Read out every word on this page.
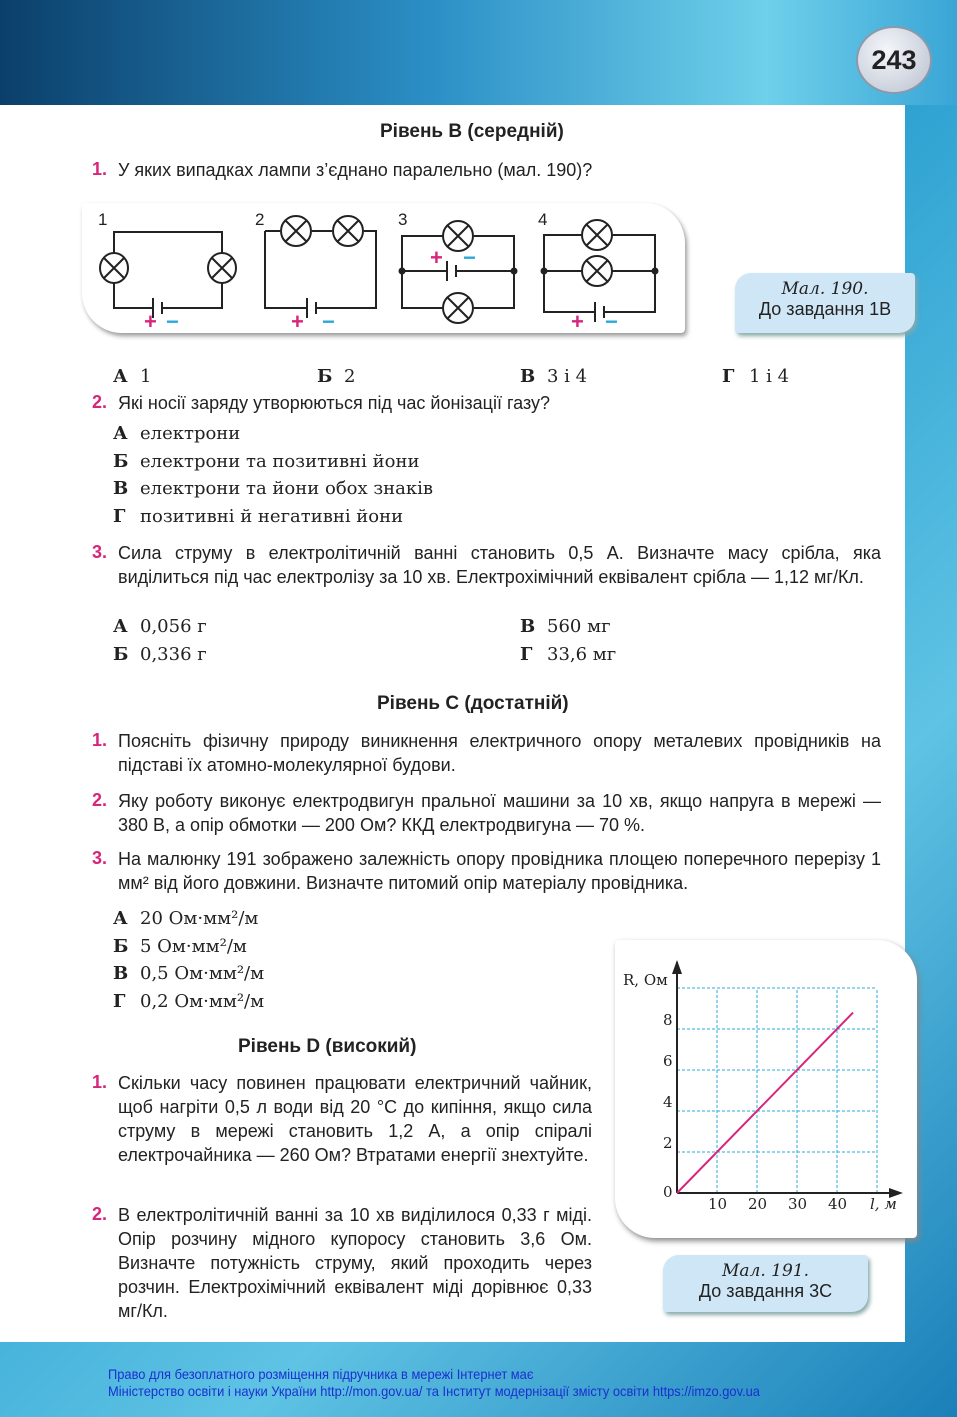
243
Рівень В (середній)
1. У яких випадках лампи з’єднано паралельно (мал. 190)?
1	2	3	4
+ −	+ −
+ −
+ −
Мал. 190.
До завдання 1В
А 1	Б 2	В 3 і 4	Г 1 і 4
2. Які носії заряду утворюються під час йонізації газу?
А електрони
Б електрони та позитивні йони
В електрони та йони обох знаків
Г позитивні й негативні йони
3. Сила струму в електролітичній ванні становить 0,5 А. Визначте масу срібла, яка виділиться під час електролізу за 10 хв. Електрохімічний еквівалент срібла — 1,12 мг/Кл.
А 0,056 г
Б 0,336 г
В 560 мг
Г 33,6 мг
Рівень С (достатній)
1. Поясніть фізичну природу виникнення електричного опору металевих провідників на підставі їх атомно-молекулярної будови.
2. Яку роботу виконує електродвигун пральної машини за 10 хв, якщо напруга в мережі — 380 В, а опір обмотки — 200 Ом? ККД електродвигуна — 70 %.
3. На малюнку 191 зображено залежність опору провідника площею поперечного перерізу 1 мм² від його довжини. Визначте питомий опір матеріалу провідника.
А 20 Ом·мм²/м
Б 5 Ом·мм²/м
В 0,5 Ом·мм²/м
Г 0,2 Ом·мм²/м
Рівень D (високий)
1. Скільки часу повинен працювати електричний чайник, щоб нагріти 0,5 л води від 20 °С до кипіння, якщо сила струму в мережі становить 1,2 А, а опір спіралі електрочайника — 260 Ом? Втратами енергії знехтуйте.
2. В електролітичній ванні за 10 хв виділилося 0,33 г міді. Опір розчину мідного купоросу становить 3,6 Ом. Визначте потужність струму, який проходить через розчин. Електрохімічний еквівалент міді дорівнює 0,33 мг/Кл.
10 20 30 40
0
2
4
6
8
l, м
R, Ом
Мал. 191.
До завдання 3С
Право для безоплатного розміщення підручника в мережі Інтернет має
Міністерство освіти і науки України http://mon.gov.ua/ та Інститут модернізації змісту освіти https://imzo.gov.ua
